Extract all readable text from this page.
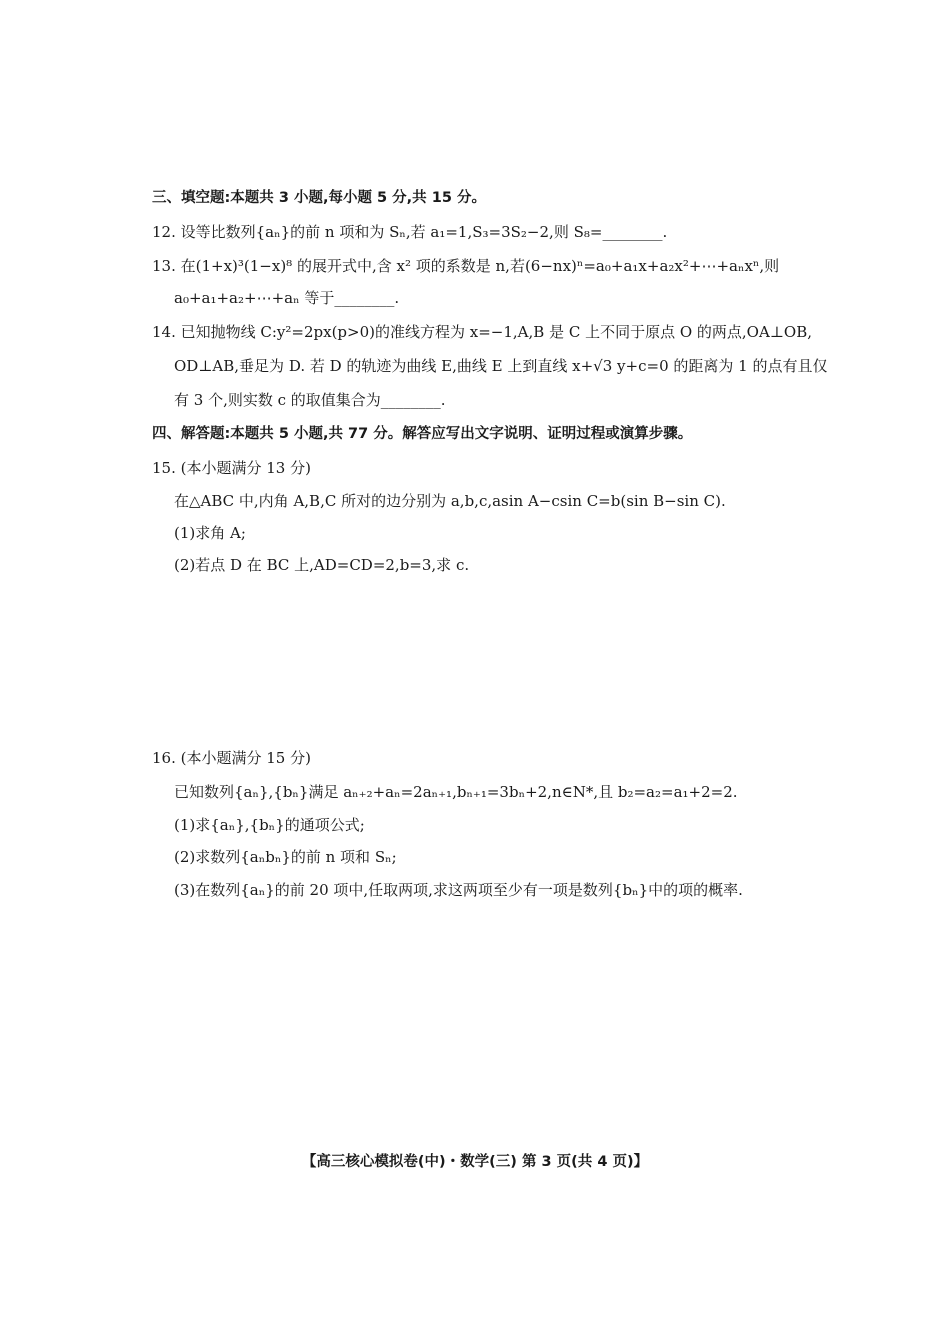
三、填空题:本题共 3 小题,每小题 5 分,共 15 分。
12. 设等比数列{aₙ}的前 n 项和为 Sₙ,若 a₁=1,S₃=3S₂−2,则 S₈=________.
13. 在(1+x)³(1−x)⁸ 的展开式中,含 x² 项的系数是 n,若(6−nx)ⁿ=a₀+a₁x+a₂x²+⋯+aₙxⁿ,则
a₀+a₁+a₂+⋯+aₙ 等于________.
14. 已知抛物线 C:y²=2px(p>0)的准线方程为 x=−1,A,B 是 C 上不同于原点 O 的两点,OA⊥OB,
OD⊥AB,垂足为 D. 若 D 的轨迹为曲线 E,曲线 E 上到直线 x+√3 y+c=0 的距离为 1 的点有且仅
有 3 个,则实数 c 的取值集合为________.
四、解答题:本题共 5 小题,共 77 分。解答应写出文字说明、证明过程或演算步骤。
15. (本小题满分 13 分)
在△ABC 中,内角 A,B,C 所对的边分别为 a,b,c,asin A−csin C=b(sin B−sin C).
(1)求角 A;
(2)若点 D 在 BC 上,AD=CD=2,b=3,求 c.
16. (本小题满分 15 分)
已知数列{aₙ},{bₙ}满足 aₙ₊₂+aₙ=2aₙ₊₁,bₙ₊₁=3bₙ+2,n∈N*,且 b₂=a₂=a₁+2=2.
(1)求{aₙ},{bₙ}的通项公式;
(2)求数列{aₙbₙ}的前 n 项和 Sₙ;
(3)在数列{aₙ}的前 20 项中,任取两项,求这两项至少有一项是数列{bₙ}中的项的概率.
【高三核心模拟卷(中)・数学(三) 第 3 页(共 4 页)】
